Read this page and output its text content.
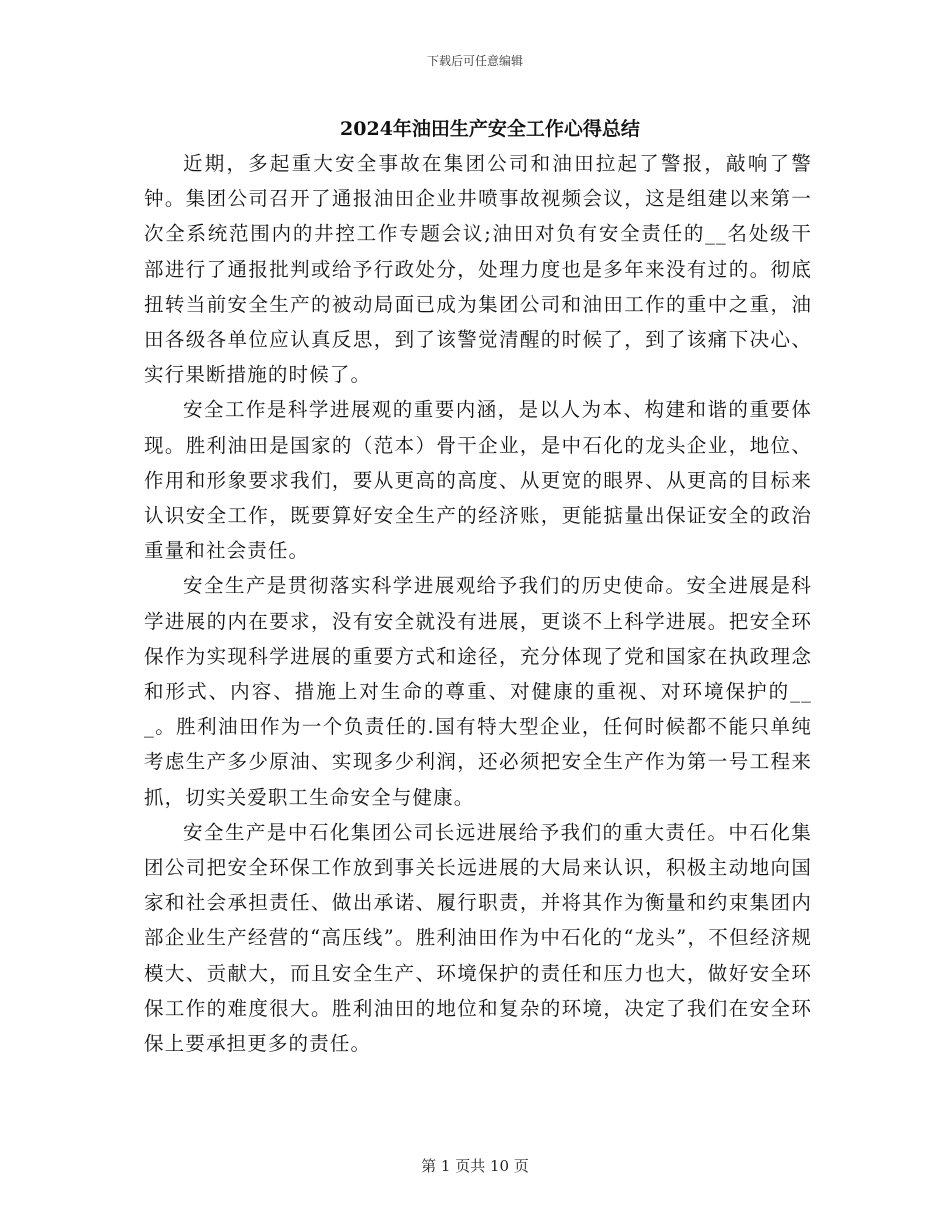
下载后可任意编辑
2024年油田生产安全工作心得总结

近期，多起重大安全事故在集团公司和油田拉起了警报，敲响了警钟。集团公司召开了通报油田企业井喷事故视频会议，这是组建以来第一次全系统范围内的井控工作专题会议;油田对负有安全责任的__名处级干部进行了通报批判或给予行政处分，处理力度也是多年来没有过的。彻底扭转当前安全生产的被动局面已成为集团公司和油田工作的重中之重，油田各级各单位应认真反思，到了该警觉清醒的时候了，到了该痛下决心、实行果断措施的时候了。

安全工作是科学进展观的重要内涵，是以人为本、构建和谐的重要体现。胜利油田是国家的（范本）骨干企业，是中石化的龙头企业，地位、作用和形象要求我们，要从更高的高度、从更宽的眼界、从更高的目标来认识安全工作，既要算好安全生产的经济账，更能掂量出保证安全的政治重量和社会责任。

安全生产是贯彻落实科学进展观给予我们的历史使命。安全进展是科学进展的内在要求，没有安全就没有进展，更谈不上科学进展。把安全环保作为实现科学进展的重要方式和途径，充分体现了党和国家在执政理念和形式、内容、措施上对生命的尊重、对健康的重视、对环境保护的___。胜利油田作为一个负责任的.国有特大型企业，任何时候都不能只单纯考虑生产多少原油、实现多少利润，还必须把安全生产作为第一号工程来抓，切实关爱职工生命安全与健康。

安全生产是中石化集团公司长远进展给予我们的重大责任。中石化集团公司把安全环保工作放到事关长远进展的大局来认识，积极主动地向国家和社会承担责任、做出承诺、履行职责，并将其作为衡量和约束集团内部企业生产经营的“高压线”。胜利油田作为中石化的“龙头”，不但经济规模大、贡献大，而且安全生产、环境保护的责任和压力也大，做好安全环保工作的难度很大。胜利油田的地位和复杂的环境，决定了我们在安全环保上要承担更多的责任。

第 1 页共 10 页
